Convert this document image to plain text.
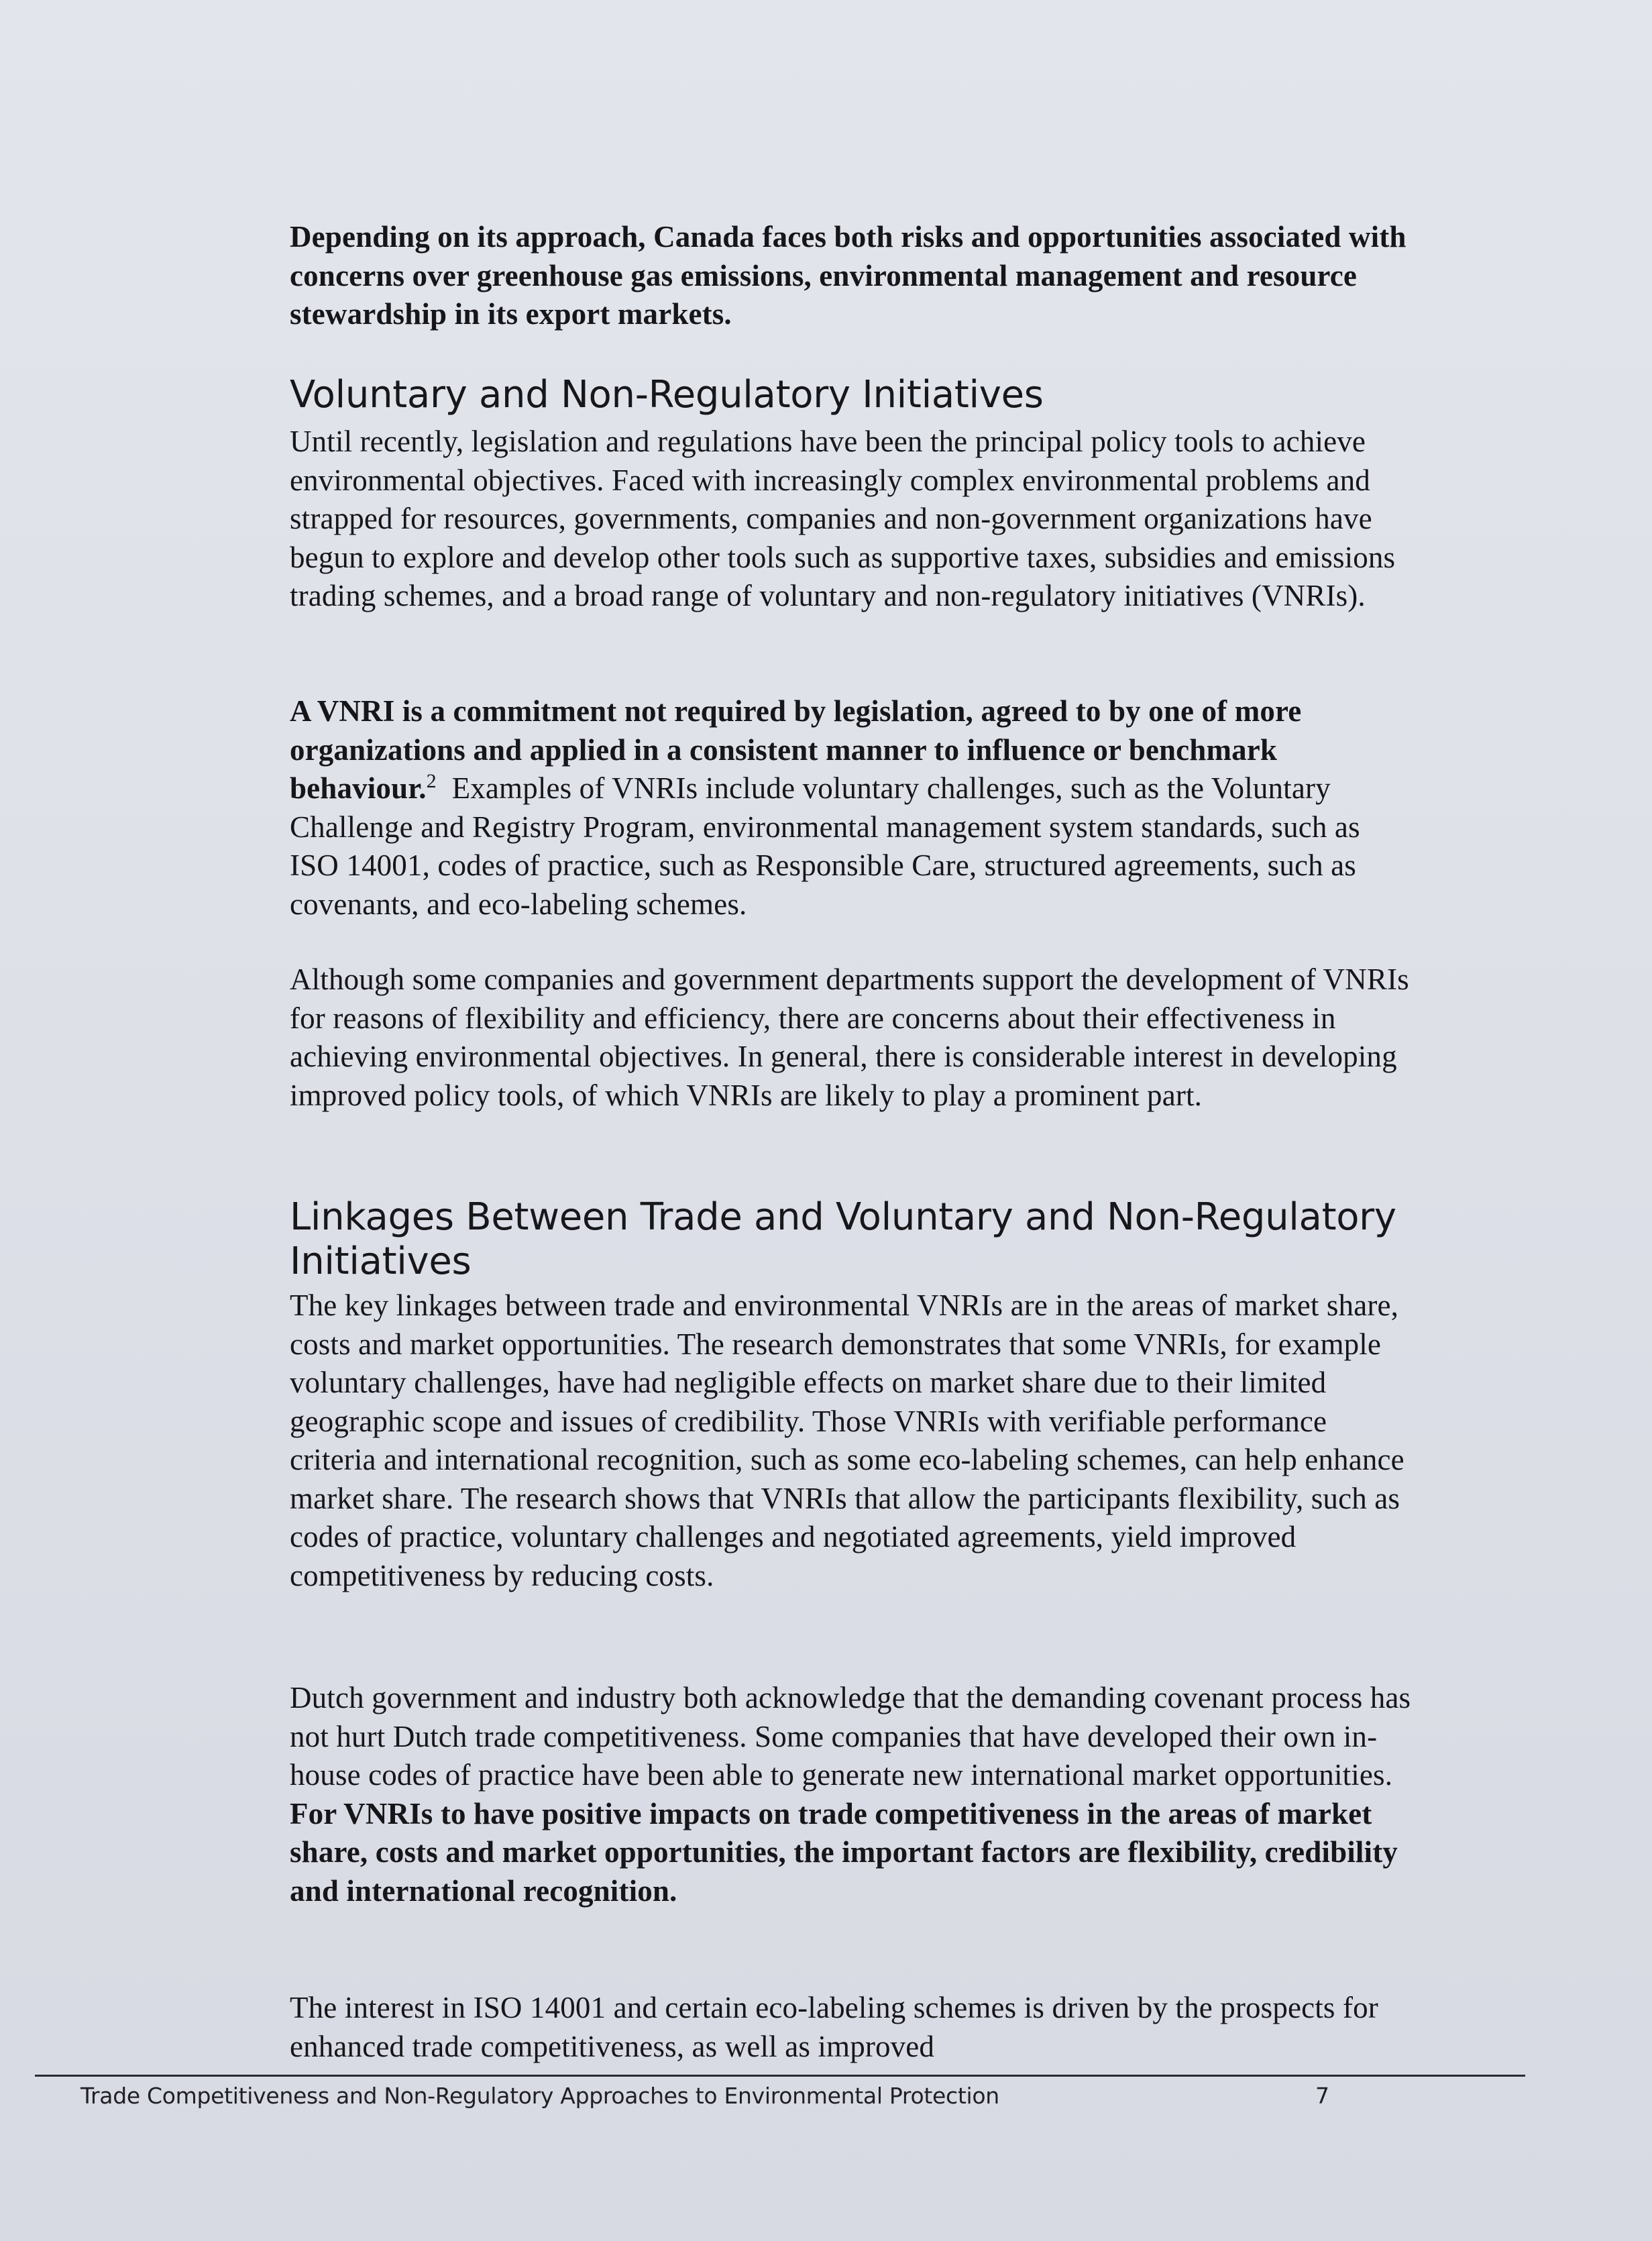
Depending on its approach, Canada faces both risks and opportunities associated with concerns over greenhouse gas emissions, environmental management and resource stewardship in its export markets.

Voluntary and Non-Regulatory Initiatives

Until recently, legislation and regulations have been the principal policy tools to achieve environmental objectives. Faced with increasingly complex environmental problems and strapped for resources, governments, companies and non-government organizations have begun to explore and develop other tools such as supportive taxes, subsidies and emissions trading schemes, and a broad range of voluntary and non-regulatory initiatives (VNRIs).

A VNRI is a commitment not required by legislation, agreed to by one of more organizations and applied in a consistent manner to influence or benchmark behaviour.$^2$ Examples of VNRIs include voluntary challenges, such as the Voluntary Challenge and Registry Program, environmental management system standards, such as ISO 14001, codes of practice, such as Responsible Care, structured agreements, such as covenants, and eco-labeling schemes.

Although some companies and government departments support the development of VNRIs for reasons of flexibility and efficiency, there are concerns about their effectiveness in achieving environmental objectives. In general, there is considerable interest in developing improved policy tools, of which VNRIs are likely to play a prominent part.

Linkages Between Trade and Voluntary and Non-Regulatory Initiatives

The key linkages between trade and environmental VNRIs are in the areas of market share, costs and market opportunities. The research demonstrates that some VNRIs, for example voluntary challenges, have had negligible effects on market share due to their limited geographic scope and issues of credibility. Those VNRIs with verifiable performance criteria and international recognition, such as some eco-labeling schemes, can help enhance market share. The research shows that VNRIs that allow the participants flexibility, such as codes of practice, voluntary challenges and negotiated agreements, yield improved competitiveness by reducing costs.

Dutch government and industry both acknowledge that the demanding covenant process has not hurt Dutch trade competitiveness. Some companies that have developed their own in-house codes of practice have been able to generate new international market opportunities. For VNRIs to have positive impacts on trade competitiveness in the areas of market share, costs and market opportunities, the important factors are flexibility, credibility and international recognition.

The interest in ISO 14001 and certain eco-labeling schemes is driven by the prospects for enhanced trade competitiveness, as well as improved

Trade Competitiveness and Non-Regulatory Approaches to Environmental Protection	7
